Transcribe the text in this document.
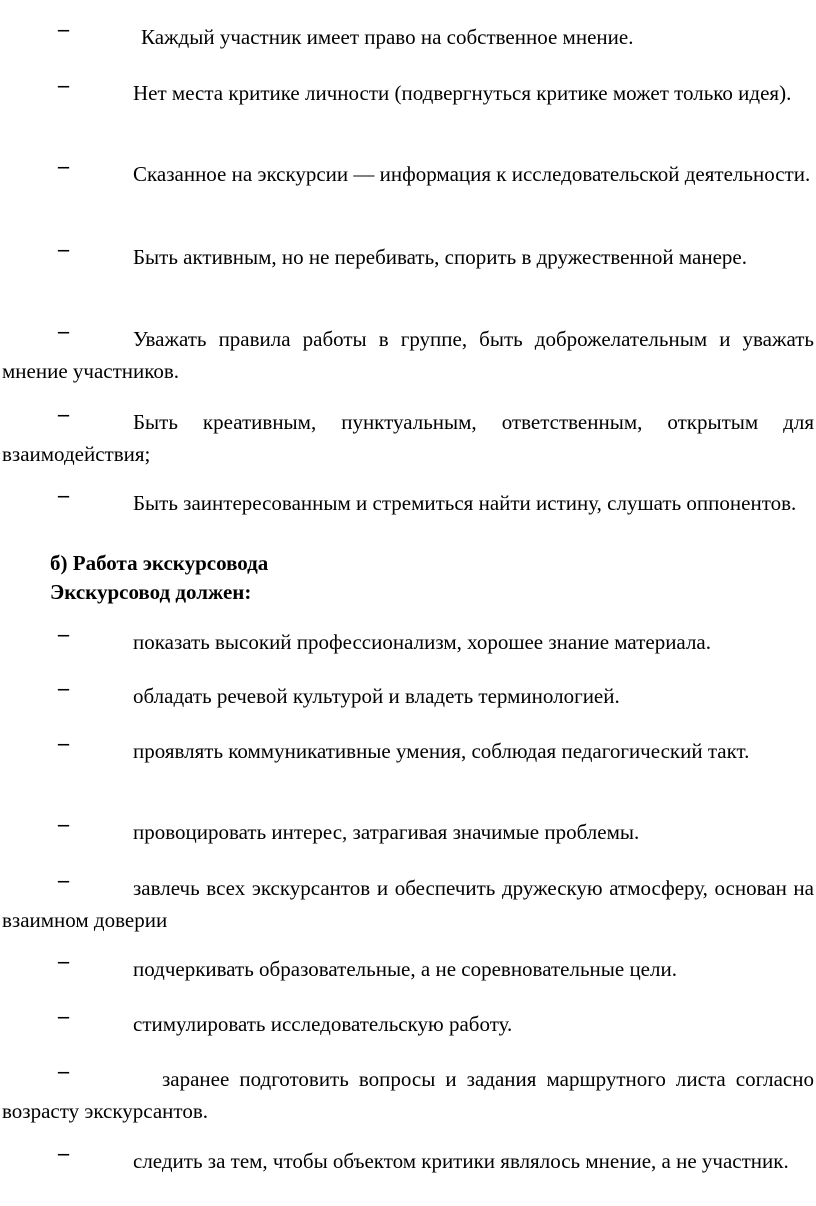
‒	Каждый участник имеет право на собственное мнение.

‒	Нет места критике личности (подвергнуться критике может только идея).

‒	Сказанное на экскурсии — информация к исследовательской деятельности.

‒	Быть активным, но не перебивать, спорить в дружественной манере.

‒	Уважать правила работы в группе, быть доброжелательным и уважать мнение участников.

‒	Быть креативным, пунктуальным, ответственным, открытым для взаимодействия;

‒	Быть заинтересованным и стремиться найти истину, слушать оппонентов.

б) Работа экскурсовода

Экскурсовод должен:

‒	показать высокий профессионализм, хорошее знание материала.

‒	обладать речевой культурой и владеть терминологией.

‒	проявлять коммуникативные умения, соблюдая педагогический такт.

‒	провоцировать интерес, затрагивая значимые проблемы.

‒	завлечь всех экскурсантов и обеспечить дружескую атмосферу, основан на взаимном доверии

‒	подчеркивать образовательные, а не соревновательные цели.

‒	стимулировать исследовательскую работу.

‒	заранее подготовить вопросы и задания маршрутного листа согласно возрасту экскурсантов.

‒	следить за тем, чтобы объектом критики являлось мнение, а не участник.
